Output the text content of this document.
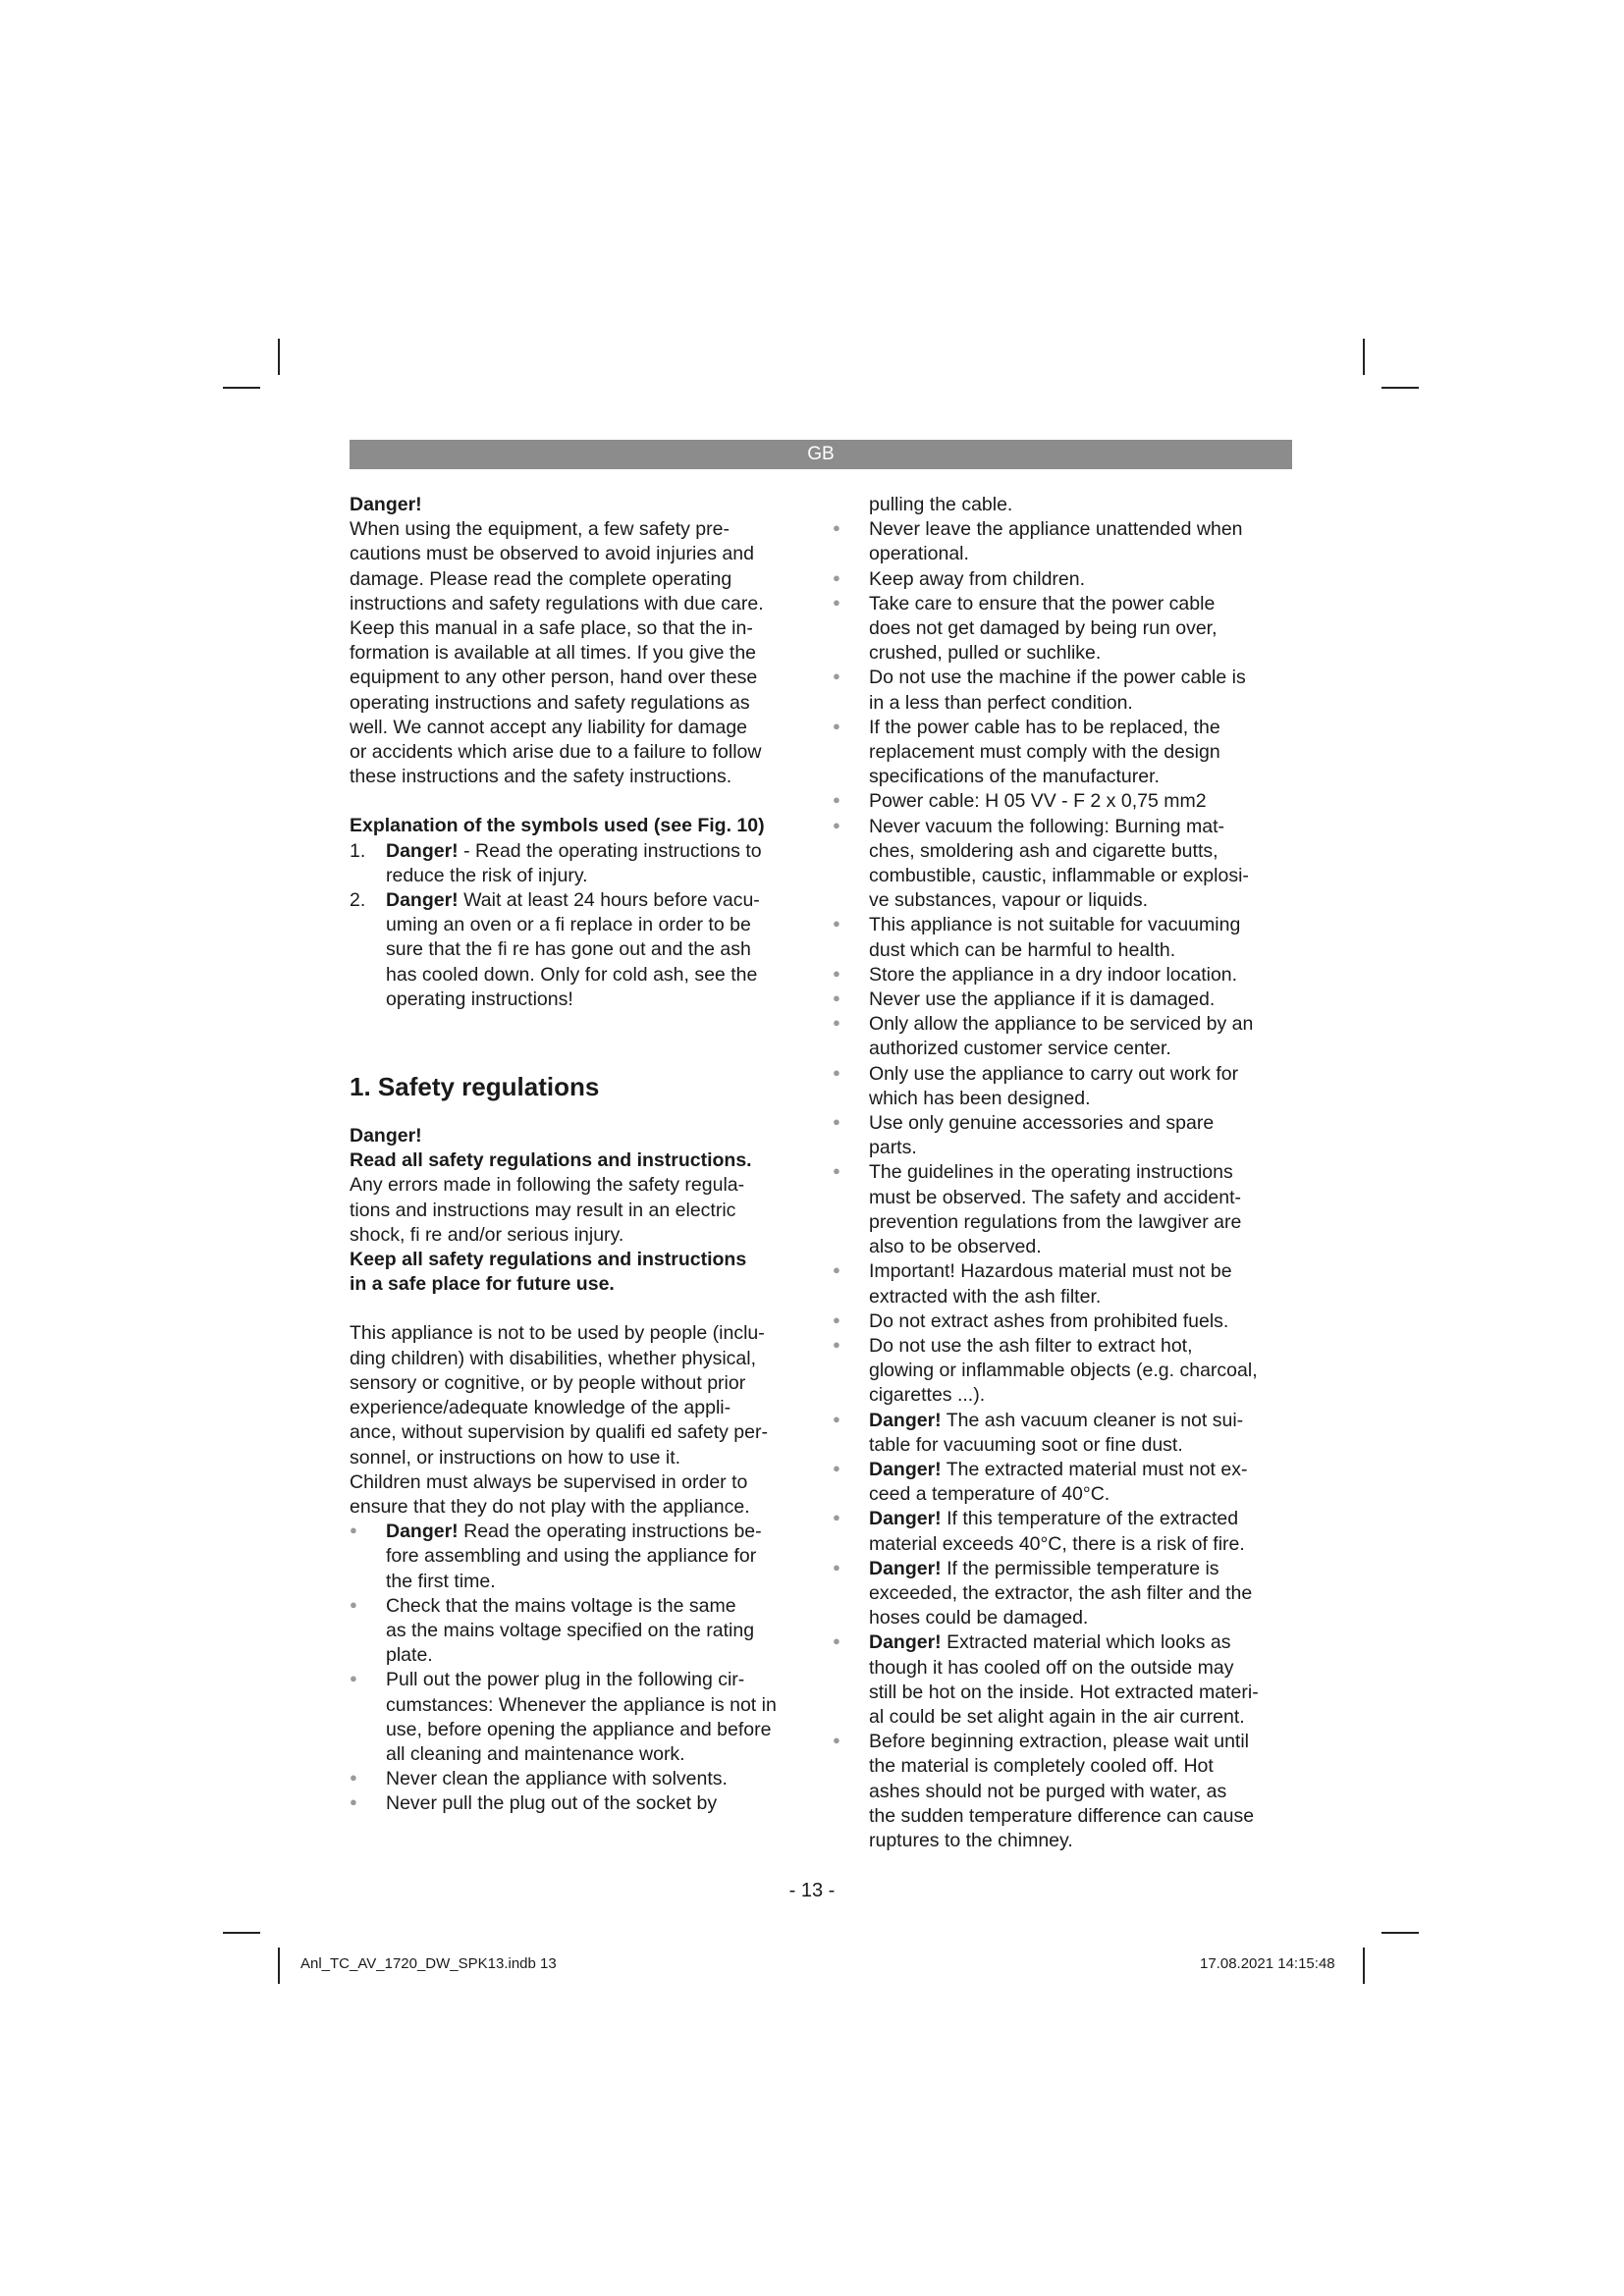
GB

Danger!

When using the equipment, a few safety pre-

cautions must be observed to avoid injuries and

damage. Please read the complete operating

instructions and safety regulations with due care.

Keep this manual in a safe place, so that the in-

formation is available at all times. If you give the

equipment to any other person, hand over these

operating instructions and safety regulations as

well. We cannot accept any liability for damage

or accidents which arise due to a failure to follow

these instructions and the safety instructions.

Explanation of the symbols used (see Fig. 10)

1. Danger! - Read the operating instructions to

reduce the risk of injury.

2. Danger! Wait at least 24 hours before vacu-

uming an oven or a fi replace in order to be

sure that the fi re has gone out and the ash

has cooled down. Only for cold ash, see the

operating instructions!

1. Safety regulations

Danger!

Read all safety regulations and instructions.

Any errors made in following the safety regula-

tions and instructions may result in an electric

shock, fi re and/or serious injury.

Keep all safety regulations and instructions

in a safe place for future use.

This appliance is not to be used by people (inclu-

ding children) with disabilities, whether physical,

sensory or cognitive, or by people without prior

experience/adequate knowledge of the appli-

ance, without supervision by qualifi ed safety per-

sonnel, or instructions on how to use it.

Children must always be supervised in order to

ensure that they do not play with the appliance.

● Danger! Read the operating instructions be-

fore assembling and using the appliance for

the first time.

● Check that the mains voltage is the same

as the mains voltage specified on the rating

plate.

● Pull out the power plug in the following cir-

cumstances: Whenever the appliance is not in

use, before opening the appliance and before

all cleaning and maintenance work.

● Never clean the appliance with solvents.

● Never pull the plug out of the socket by

pulling the cable.

● Never leave the appliance unattended when

operational.

● Keep away from children.

● Take care to ensure that the power cable

does not get damaged by being run over,

crushed, pulled or suchlike.

● Do not use the machine if the power cable is

in a less than perfect condition.

● If the power cable has to be replaced, the

replacement must comply with the design

specifications of the manufacturer.

● Power cable: H 05 VV - F 2 x 0,75 mm2

● Never vacuum the following: Burning mat-

ches, smoldering ash and cigarette butts,

combustible, caustic, inflammable or explosi-

ve substances, vapour or liquids.

● This appliance is not suitable for vacuuming

dust which can be harmful to health.

● Store the appliance in a dry indoor location.

● Never use the appliance if it is damaged.

● Only allow the appliance to be serviced by an

authorized customer service center.

● Only use the appliance to carry out work for

which has been designed.

● Use only genuine accessories and spare

parts.

● The guidelines in the operating instructions

must be observed. The safety and accident-

prevention regulations from the lawgiver are

also to be observed.

● Important! Hazardous material must not be

extracted with the ash filter.

● Do not extract ashes from prohibited fuels.

● Do not use the ash filter to extract hot,

glowing or inflammable objects (e.g. charcoal,

cigarettes ...).

● Danger! The ash vacuum cleaner is not sui-

table for vacuuming soot or fine dust.

● Danger! The extracted material must not ex-

ceed a temperature of 40°C.

● Danger! If this temperature of the extracted

material exceeds 40°C, there is a risk of fire.

● Danger! If the permissible temperature is

exceeded, the extractor, the ash filter and the

hoses could be damaged.

● Danger! Extracted material which looks as

though it has cooled off on the outside may

still be hot on the inside. Hot extracted materi-

al could be set alight again in the air current.

● Before beginning extraction, please wait until

the material is completely cooled off. Hot

ashes should not be purged with water, as

the sudden temperature difference can cause

ruptures to the chimney.

- 13 -
Anl_TC_AV_1720_DW_SPK13.indb 13	17.08.2021 14:15:48
